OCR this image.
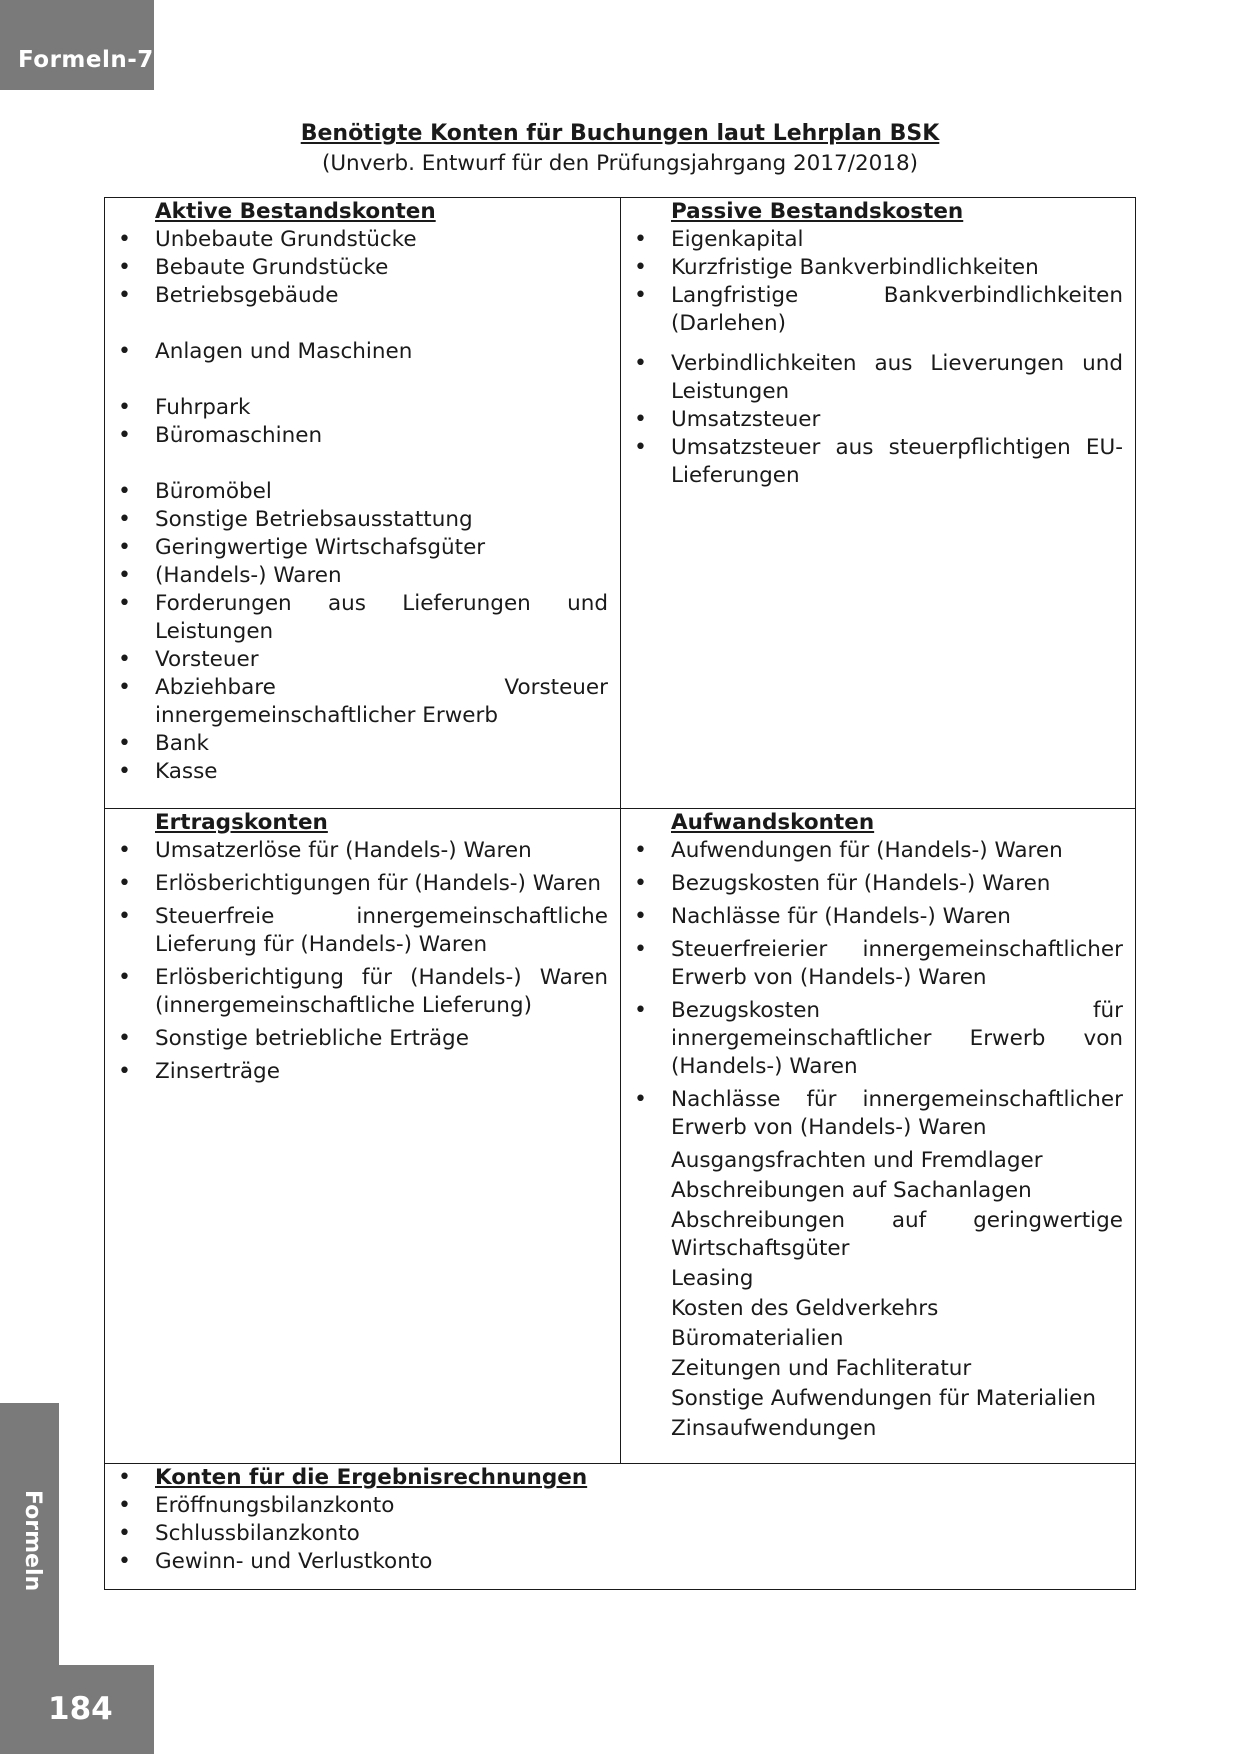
Formeln-7
Formeln
184
Benötigte Konten für Buchungen laut Lehrplan BSK
(Unverb. Entwurf für den Prüfungsjahrgang 2017/2018)
Aktive Bestandskonten
• Unbebaute Grundstücke
• Bebaute Grundstücke
• Betriebsgebäude
• Anlagen und Maschinen
• Fuhrpark
• Büromaschinen
• Büromöbel
• Sonstige Betriebsausstattung
• Geringwertige Wirtschafsgüter
• (Handels-) Waren
• Forderungen aus Lieferungen und Leistungen
• Vorsteuer
• Abziehbare Vorsteuer innergemeinschaftlicher Erwerb
• Bank
• Kasse
Passive Bestandskosten
• Eigenkapital
• Kurzfristige Bankverbindlichkeiten
• Langfristige Bankverbindlichkeiten (Darlehen)
• Verbindlichkeiten aus Lieverungen und Leistungen
• Umsatzsteuer
• Umsatzsteuer aus steuerpflichtigen EU-Lieferungen
Ertragskonten
• Umsatzerlöse für (Handels-) Waren
• Erlösberichtigungen für (Handels-) Waren
• Steuerfreie innergemeinschaftliche Lieferung für (Handels-) Waren
• Erlösberichtigung für (Handels-) Waren (innergemeinschaftliche Lieferung)
• Sonstige betriebliche Erträge
• Zinserträge
Aufwandskonten
• Aufwendungen für (Handels-) Waren
• Bezugskosten für (Handels-) Waren
• Nachlässe für (Handels-) Waren
• Steuerfreierier innergemeinschaftlicher Erwerb von (Handels-) Waren
• Bezugskosten für innergemeinschaftlicher Erwerb von (Handels-) Waren
• Nachlässe für innergemeinschaftlicher Erwerb von (Handels-) Waren
Ausgangsfrachten und Fremdlager
Abschreibungen auf Sachanlagen
Abschreibungen auf geringwertige Wirtschaftsgüter
Leasing
Kosten des Geldverkehrs
Büromaterialien
Zeitungen und Fachliteratur
Sonstige Aufwendungen für Materialien
Zinsaufwendungen
• Konten für die Ergebnisrechnungen
• Eröffnungsbilanzkonto
• Schlussbilanzkonto
• Gewinn- und Verlustkonto
